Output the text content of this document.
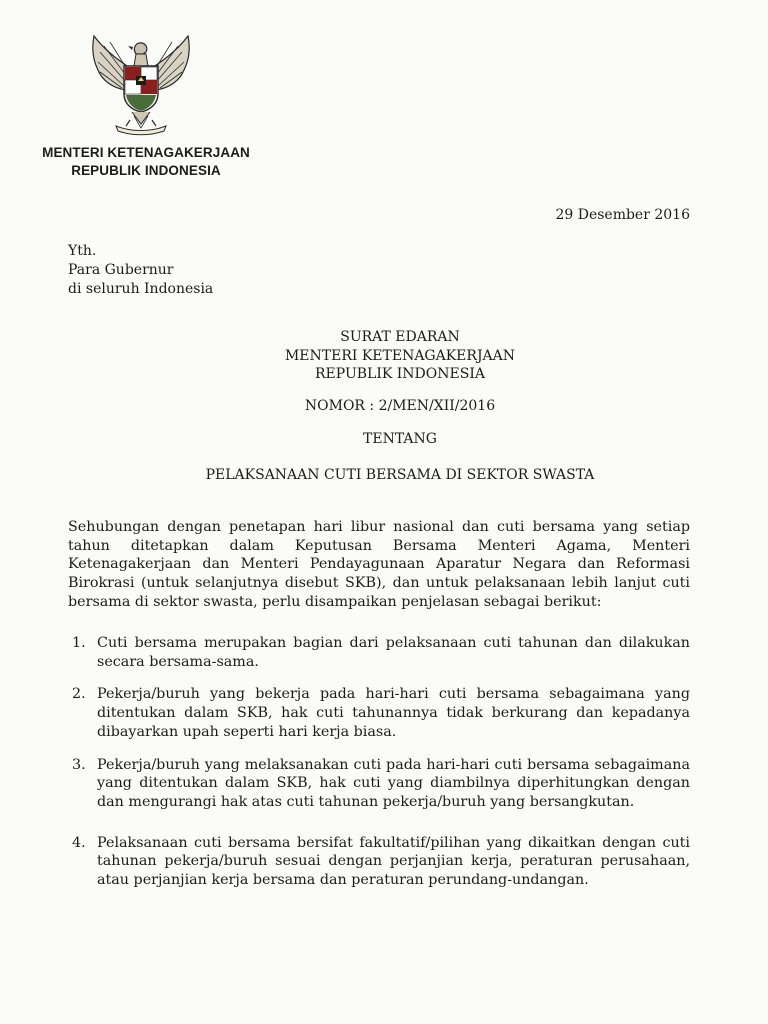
MENTERI KETENAGAKERJAAN
REPUBLIK INDONESIA
29 Desember 2016
Yth.
Para Gubernur
di seluruh Indonesia
SURAT EDARAN
MENTERI KETENAGAKERJAAN
REPUBLIK INDONESIA
NOMOR : 2/MEN/XII/2016
TENTANG
PELAKSANAAN CUTI BERSAMA DI SEKTOR SWASTA
Sehubungan dengan penetapan hari libur nasional dan cuti bersama yang setiap tahun ditetapkan dalam Keputusan Bersama Menteri Agama, Menteri Ketenagakerjaan dan Menteri Pendayagunaan Aparatur Negara dan Reformasi Birokrasi (untuk selanjutnya disebut SKB), dan untuk pelaksanaan lebih lanjut cuti bersama di sektor swasta, perlu disampaikan penjelasan sebagai berikut:
1. Cuti bersama merupakan bagian dari pelaksanaan cuti tahunan dan dilakukan secara bersama-sama.
2. Pekerja/buruh yang bekerja pada hari-hari cuti bersama sebagaimana yang ditentukan dalam SKB, hak cuti tahunannya tidak berkurang dan kepadanya dibayarkan upah seperti hari kerja biasa.
3. Pekerja/buruh yang melaksanakan cuti pada hari-hari cuti bersama sebagaimana yang ditentukan dalam SKB, hak cuti yang diambilnya diperhitungkan dengan dan mengurangi hak atas cuti tahunan pekerja/buruh yang bersangkutan.
4. Pelaksanaan cuti bersama bersifat fakultatif/pilihan yang dikaitkan dengan cuti tahunan pekerja/buruh sesuai dengan perjanjian kerja, peraturan perusahaan, atau perjanjian kerja bersama dan peraturan perundang-undangan.
